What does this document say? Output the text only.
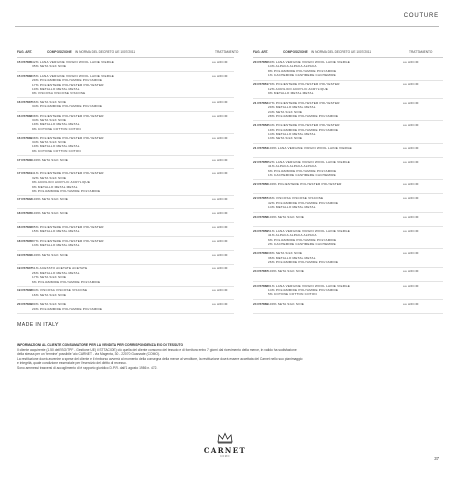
COUTURE
FAG. ART.	COMPOSIZIONE IN NORMA DEL DECRETO UE 1007/2011	TRATTAMENTO	FAG. ART.	COMPOSIZIONE IN NORMA DEL DECRETO UE 1007/2011	TRATTAMENTO
15 C57835 42% LANA VERGINE VIRGIN WOOL LAINE VIERGE
35% SETA SILK SOIE
ǝǝ ∆⊠⊡⊠
15 C57836 35% LANA VERGINE VIRGIN WOOL LAINE VIERGE
29% POLIAMMIDE POLYAMIDE POLYAMIDE
17% POLIESTERE POLYESTER POLYESTER
10% METALLO METAL METAL
9% VISCOSA VISCOSE VISCOSE
ǝǝ ∆⊠⊡⊠
16 C57837 66% SETA SILK SOIE
34% POLIAMMIDE POLYAMIDE POLYAMIDE
ǝǝ ∆⊠⊡⊠
16 C57838 38% POLIESTERE POLYESTER POLYESTER
34% SETA SILK SOIE
19% METALLO METAL METAL
9% COTONE COTTON COTON
ǝǝ ∆⊠⊡⊠
16 C57839 38% POLIESTERE POLYESTER POLYESTER
34% SETA SILK SOIE
19% METALLO METAL METAL
9% COTONE COTTON COTON
ǝǝ ∆⊠⊡⊠
17 C57840 100% SETA SILK SOIE	ǝǝ ∆⊠⊡⊠
17 C57841 41% POLIESTERE POLYESTER POLYESTER
32% SETA SILK SOIE
9% ACRILICO ACRYLIC ACRYLIQUE
9% METALLO METAL METAL
9% POLIAMMIDE POLYAMIDE POLYAMIDE
ǝǝ ∆⊠⊡⊠
17 C57842 100% SETA SILK SOIE	ǝǝ ∆⊠⊡⊠
18 C57845 100% SETA SILK SOIE	ǝǝ ∆⊠⊡⊠
18 C57846 85% POLIESTERE POLYESTER POLYESTER
15% METALLO METAL METAL
ǝǝ ∆⊠⊡⊠
18 C57845 87% POLIESTERE POLYESTER POLYESTER
13% METALLO METAL METAL
ǝǝ ∆⊠⊡⊠
19 C57846 100% SETA SILK SOIE	ǝǝ ∆⊠⊡⊠
19 C57847 51% ACETATO ACETATE ACETATE
26% METALLO METAL METAL
17% SETA SILK SOIE
6% POLIAMMIDE POLYAMIDE POLYAMIDE
ǝǝ ∆⊠⊡⊠
19 C57848 84% VISCOSA VISCOSE VISCOSE
16% SETA SILK SOIE
ǝǝ ∆⊠⊡⊠
20 C57849 80% SETA SILK SOIE
20% POLIAMMIDE POLYAMIDE POLYAMIDE
ǝǝ ∆⊠⊡⊠
20 C57850 60% LANA VERGINE VIRGIN WOOL LAINE VIERGE
14% ALPACA ALPACA ALPACA
8% POLIAMMIDE POLYAMIDE POLYAMIDE
1% CACHEMIRE CASHMERE CACHEMIRE
ǝǝ ∆⊠⊡⊠
20 C57851 79% POLIESTERE POLYESTER POLYESTER
12% ACRILICO ACRYLIC ACRYLIQUE
9% METALLO METAL METAL
ǝǝ ∆⊠⊡⊠
21 C57852 47% POLIESTERE POLYESTER POLYESTER
29% METALLO METAL METAL
24% SETA SILK SOIE
28% POLIAMMIDE POLYAMIDE POLYAMIDE
ǝǝ ∆⊠⊡⊠
21 C57853 54% POLIESTERE POLYESTER POLYESTER
19% POLIAMMIDE POLYAMIDE POLYAMIDE
14% METALLO METAL METAL
13% SETA SILK SOIE
ǝǝ ∆⊠⊡⊠
21 C57854 100% LANA VERGINE VIRGIN WOOL LAINE VIERGE	ǝǝ ∆⊠⊡⊠
22 C57855 52% LANA VERGINE VIRGIN WOOL LAINE VIERGE
41% ALPACA ALPACA ALPACA
6% POLIAMMIDE POLYAMIDE POLYAMIDE
1% CACHEMIRE CASHMERE CACHEMIRE
ǝǝ ∆⊠⊡⊠
22 C57856 100% POLIESTERE POLYESTER POLYESTER	ǝǝ ∆⊠⊡⊠
22 C57857 46% VISCOSA VISCOSE VISCOSE
42% POLIAMMIDE POLYAMIDE POLYAMIDE
14% METALLO METAL METAL
ǝǝ ∆⊠⊡⊠
23 C57858 100% SETA SILK SOIE	ǝǝ ∆⊠⊡⊠
23 C57859 51% LANA VERGINE VIRGIN WOOL LAINE VIERGE
41% ALPACA ALPACA ALPACA
6% POLIAMMIDE POLYAMIDE POLYAMIDE
2% CACHEMIRE CASHMERE CACHEMIRE
ǝǝ ∆⊠⊡⊠
23 C57860 38% SETA SILK SOIE
36% METALLO METAL METAL
26% POLIAMMIDE POLYAMIDE POLYAMIDE
ǝǝ ∆⊠⊡⊠
24 C57867 100% SETA SILK SOIE	ǝǝ ∆⊠⊡⊠
24 C57868 81% LANA VERGINE VIRGIN WOOL LAINE VIERGE
14% POLIAMMIDE POLYAMIDE POLYAMIDE
5% COTONE COTTON COTON
ǝǝ ∆⊠⊡⊠
24 C57869 100% SETA SILK SOIE	ǝǝ ∆⊠⊡⊠
MADE IN ITALY
INFORMAZIONI AL CLIENTE CONSUMATORE PER LA VENDITA PER CORRISPONDENZA E/O DI TESSUTO
Il cliente acquirente (1.50 dell'ISO/TPF - Gestione UE) il STTACIOE) ciò quella del cliente consumo del tessuto e di fornitura entro 7 giorni dal ricevimento della merce, in valido ha sodisfazione
della stessa per un 'termine' possibile 'aio CARNET - via Magenta, 30 - 22070 Guanzate (COMO).
La restituzione dovrà avvenire a spese del cliente e il rimborso avverrà al momento della consegna della merce al venditore, la restituzione dovrà essere accettata del Carnet nello suo pianimaggio
e integrità, quale condizione essenziale per l'esercizio del diritto di recesso.
Sono ammessi trasversi di accoglimento di è rapporto giuridico D.P.R. dall'1 agosto 1986 n. 472.
CARNET
COMO	37
